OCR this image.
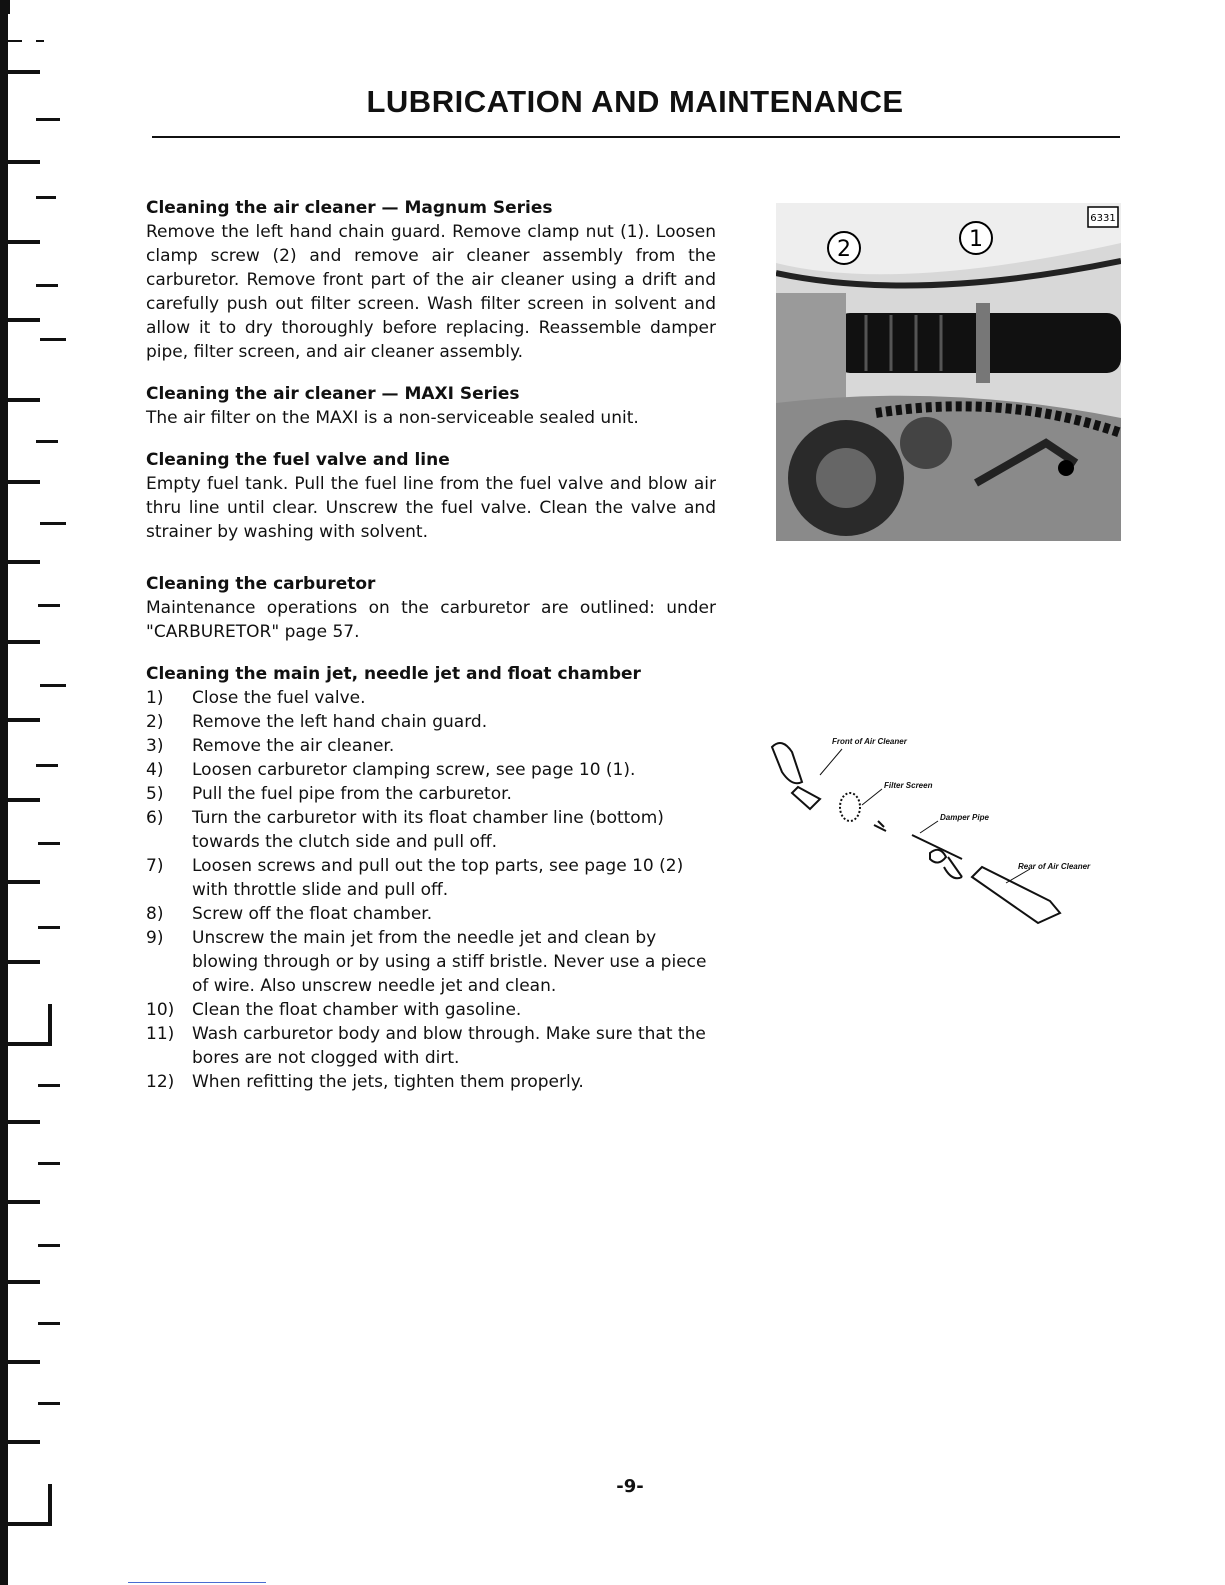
LUBRICATION AND MAINTENANCE
Cleaning the air cleaner — Magnum Series
Remove the left hand chain guard. Remove clamp nut (1). Loosen clamp screw (2) and remove air cleaner assembly from the carburetor. Remove front part of the air cleaner using a drift and carefully push out filter screen. Wash filter screen in solvent and allow it to dry thoroughly before replacing. Reassemble damper pipe, filter screen, and air cleaner assembly.
Cleaning the air cleaner — MAXI Series
The air filter on the MAXI is a non-serviceable sealed unit.
Cleaning the fuel valve and line
Empty fuel tank. Pull the fuel line from the fuel valve and blow air thru line until clear. Unscrew the fuel valve. Clean the valve and strainer by washing with solvent.
Cleaning the carburetor
Maintenance operations on the carburetor are outlined: under "CARBURETOR" page 57.
Cleaning the main jet, needle jet and float chamber
1)	Close the fuel valve.
2)	Remove the left hand chain guard.
3)	Remove the air cleaner.
4)	Loosen carburetor clamping screw, see page 10 (1).
5)	Pull the fuel pipe from the carburetor.
6)	Turn the carburetor with its float chamber line (bottom) towards the clutch side and pull off.
7)	Loosen screws and pull out the top parts, see page 10 (2) with throttle slide and pull off.
8)	Screw off the float chamber.
9)	Unscrew the main jet from the needle jet and clean by blowing through or by using a stiff bristle. Never use a piece of wire. Also unscrew needle jet and clean.
10)	Clean the float chamber with gasoline.
11)	Wash carburetor body and blow through. Make sure that the bores are not clogged with dirt.
12)	When refitting the jets, tighten them properly.
6331
1
2
Front of Air Cleaner
Filter Screen
Damper Pipe
Rear of Air Cleaner
-9-
